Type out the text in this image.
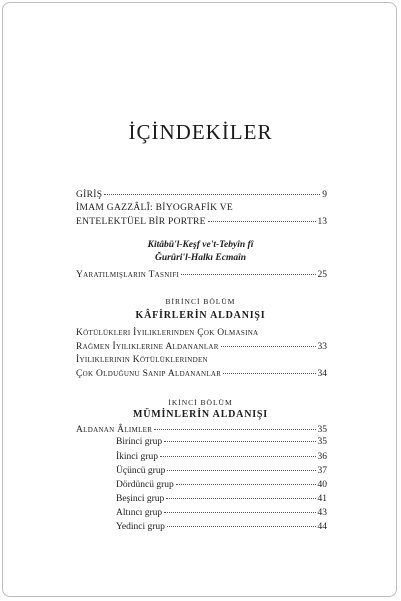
İÇİNDEKİLER
GİRİŞ	9
İMAM GAZZÂLÎ: BİYOGRAFİK VE
ENTELEKTÜEL BİR PORTRE	13
Kitâbü'l-Keşf ve't-Tebyîn fî
Ğurûri'l-Halkı Ecmaîn
Yaratılmışların Tasnifi	25
BİRİNCİ BÖLÜM
KÂFİRLERİN ALDANIŞI
Kötülükleri İyiliklerinden Çok Olmasına
Rağmen İyiliklerine Aldananlar	33
İyiliklerinin Kötülüklerinden
Çok Olduğunu Sanıp Aldananlar	34
İKİNCİ BÖLÜM
MÜMİNLERİN ALDANIŞI
Aldanan Âlimler	35
Birinci grup	35
İkinci grup	36
Üçüncü grup	37
Dördüncü grup	40
Beşinci grup	41
Altıncı grup	43
Yedinci grup	44
